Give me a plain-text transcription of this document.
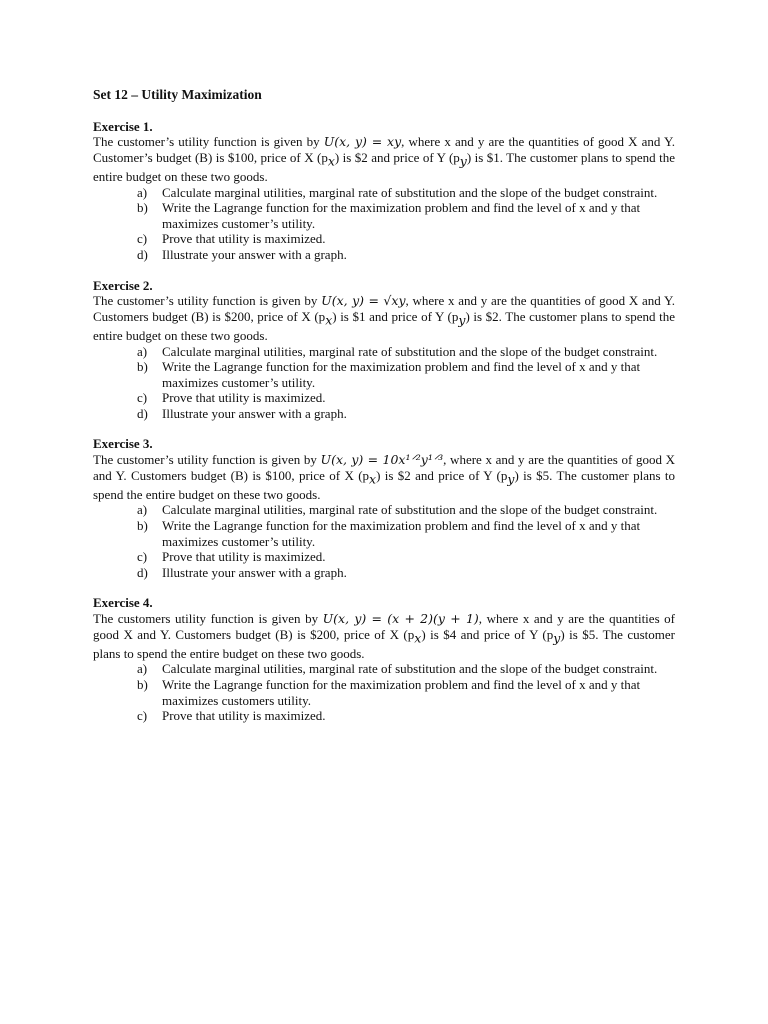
Set 12 – Utility Maximization
Exercise 1.
The customer’s utility function is given by U(x, y) = xy, where x and y are the quantities of good X and Y. Customer’s budget (B) is $100, price of X $(p_x)$ is $2 and price of Y $(p_y)$ is $1. The customer plans to spend the entire budget on these two goods.
a) Calculate marginal utilities, marginal rate of substitution and the slope of the budget constraint.
b) Write the Lagrange function for the maximization problem and find the level of x and y that maximizes customer’s utility.
c) Prove that utility is maximized.
d) Illustrate your answer with a graph.
Exercise 2.
The customer’s utility function is given by U(x, y) = √xy, where x and y are the quantities of good X and Y. Customers budget (B) is $200, price of X $(p_x)$ is $1 and price of Y $(p_y)$ is $2. The customer plans to spend the entire budget on these two goods.
a) Calculate marginal utilities, marginal rate of substitution and the slope of the budget constraint.
b) Write the Lagrange function for the maximization problem and find the level of x and y that maximizes customer’s utility.
c) Prove that utility is maximized.
d) Illustrate your answer with a graph.
Exercise 3.
The customer’s utility function is given by U(x, y) = 10x¹ᐟ²y¹ᐟ³, where x and y are the quantities of good X and Y. Customers budget (B) is $100, price of X $(p_x)$ is $2 and price of Y $(p_y)$ is $5. The customer plans to spend the entire budget on these two goods.
a) Calculate marginal utilities, marginal rate of substitution and the slope of the budget constraint.
b) Write the Lagrange function for the maximization problem and find the level of x and y that maximizes customer’s utility.
c) Prove that utility is maximized.
d) Illustrate your answer with a graph.
Exercise 4.
The customers utility function is given by U(x, y) = (x + 2)(y + 1), where x and y are the quantities of good X and Y. Customers budget (B) is $200, price of X $(p_x)$ is $4 and price of Y $(p_y)$ is $5. The customer plans to spend the entire budget on these two goods.
a) Calculate marginal utilities, marginal rate of substitution and the slope of the budget constraint.
b) Write the Lagrange function for the maximization problem and find the level of x and y that maximizes customers utility.
c) Prove that utility is maximized.
